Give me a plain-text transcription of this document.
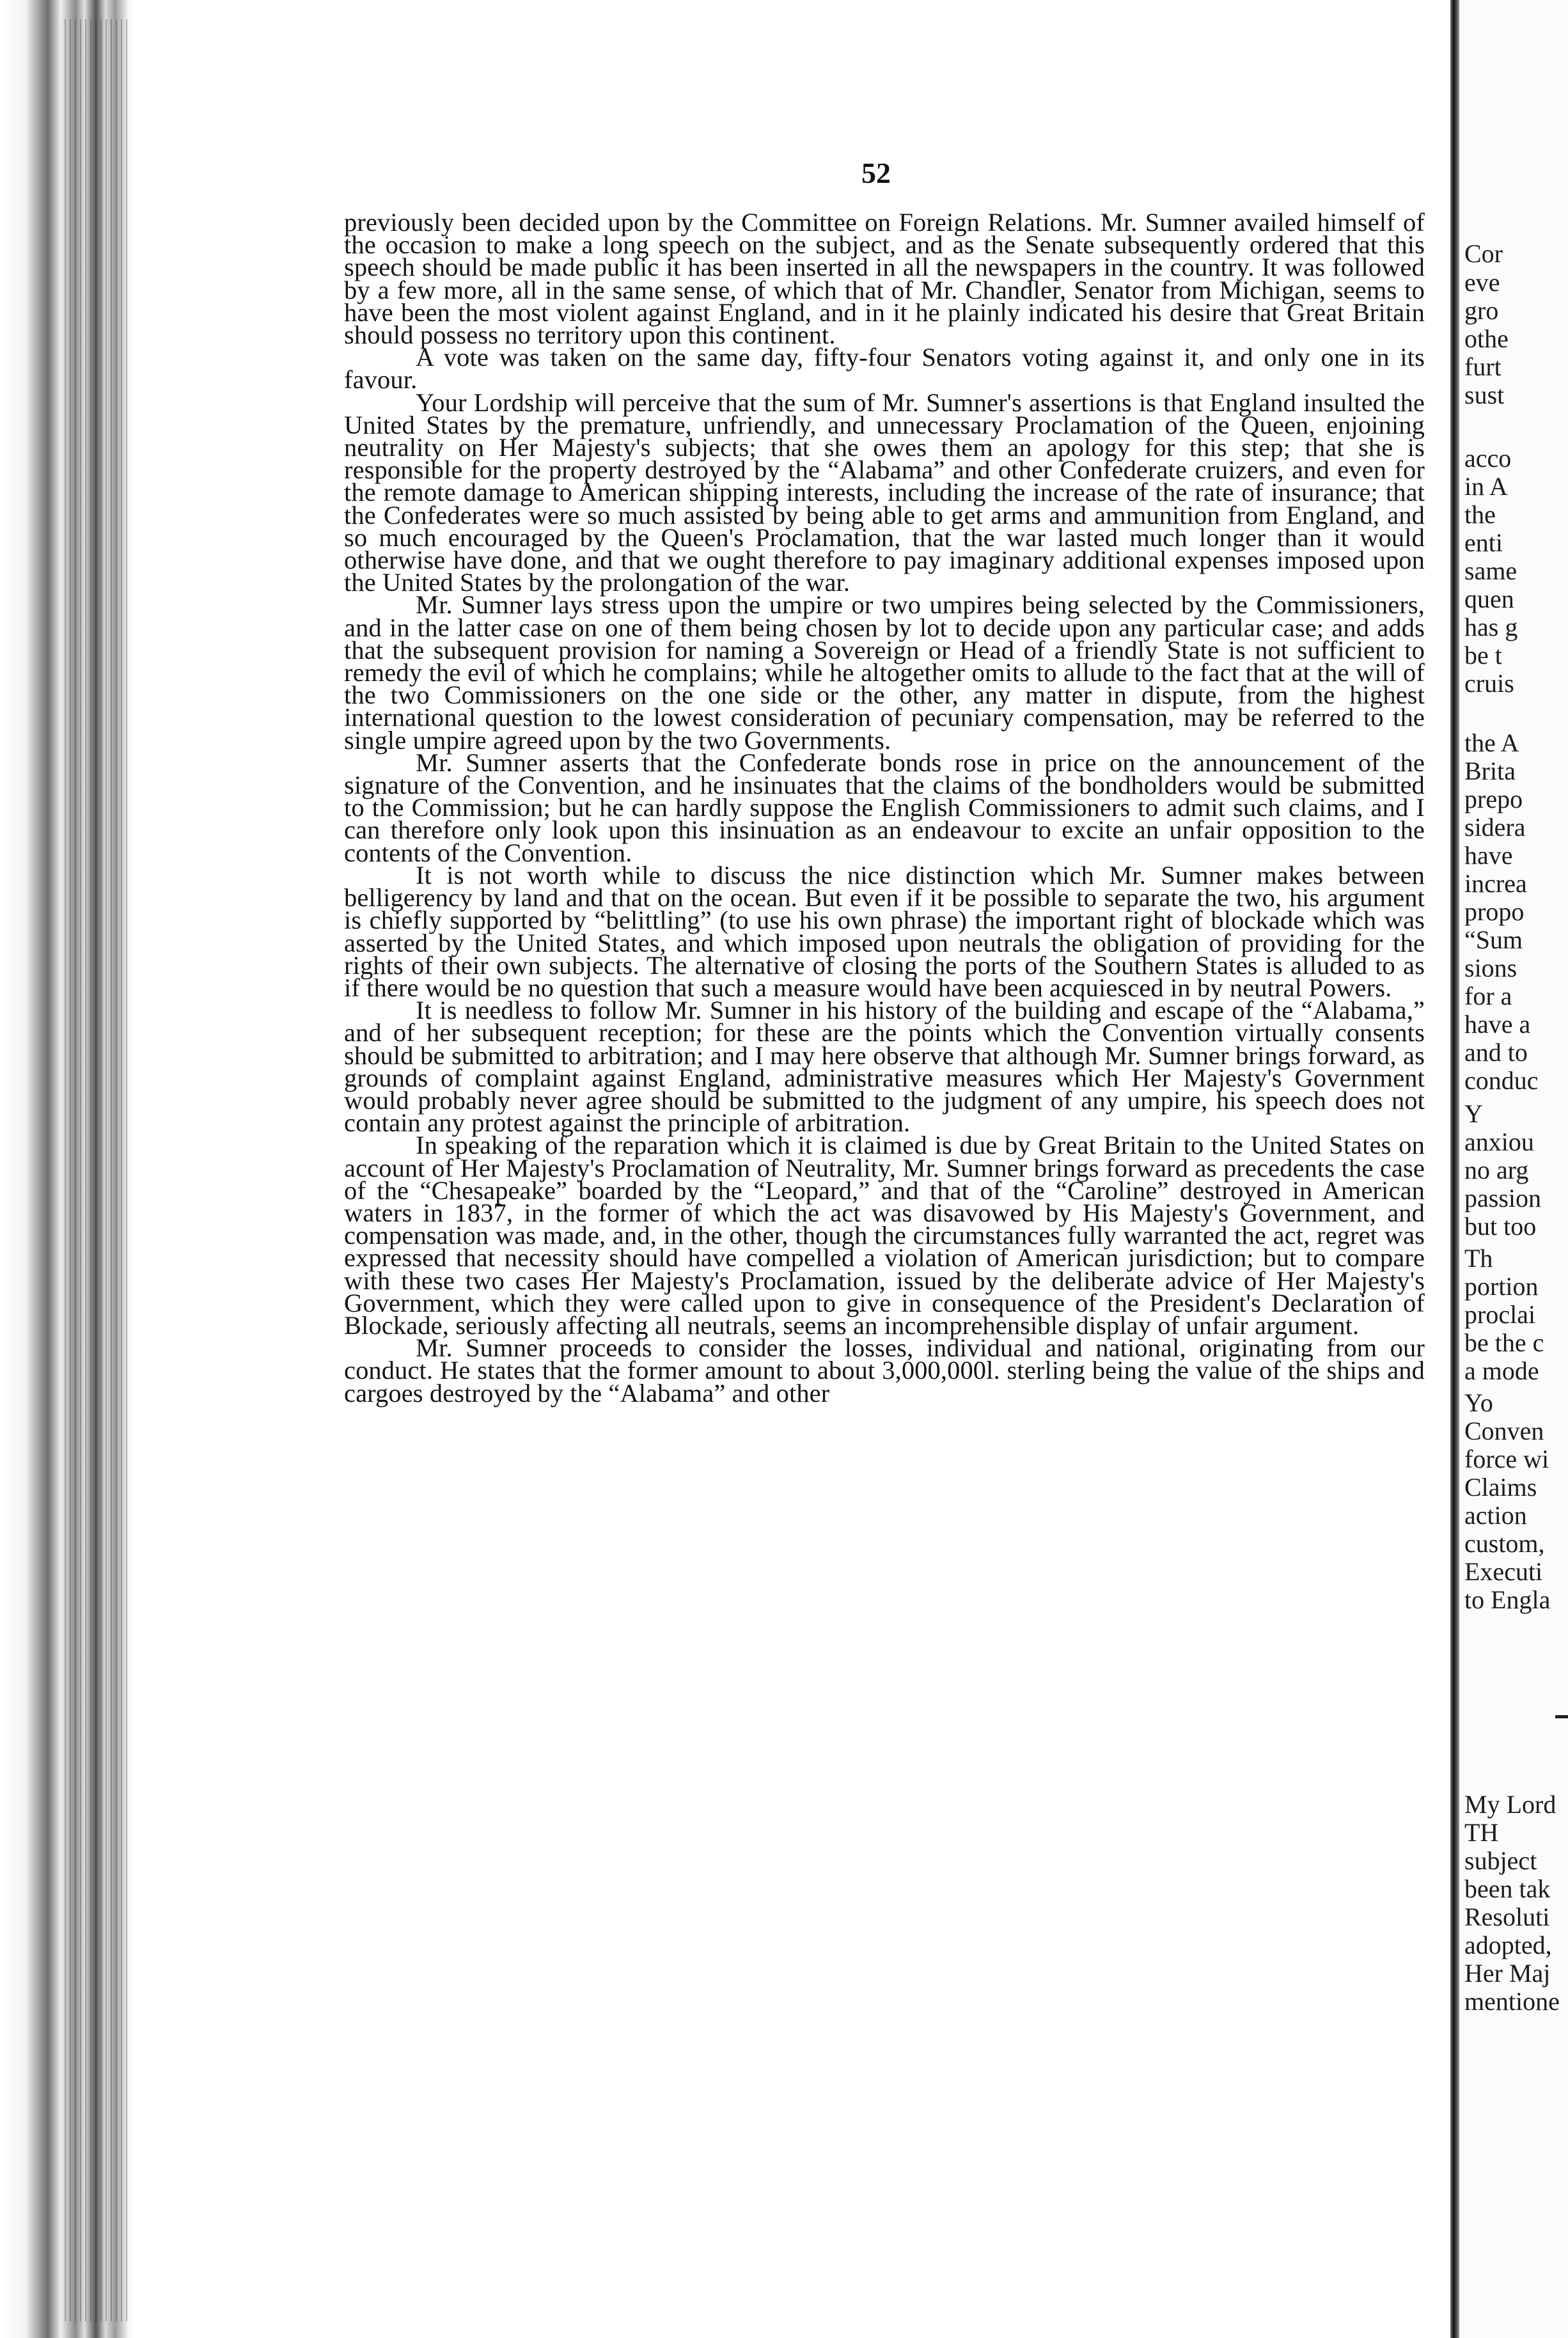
52

previously been decided upon by the Committee on Foreign Relations. Mr. Sumner availed himself of the occasion to make a long speech on the subject, and as the Senate subsequently ordered that this speech should be made public it has been inserted in all the newspapers in the country. It was followed by a few more, all in the same sense, of which that of Mr. Chandler, Senator from Michigan, seems to have been the most violent against England, and in it he plainly indicated his desire that Great Britain should possess no territory upon this continent.

A vote was taken on the same day, fifty-four Senators voting against it, and only one in its favour.

Your Lordship will perceive that the sum of Mr. Sumner's assertions is that England insulted the United States by the premature, unfriendly, and unnecessary Proclamation of the Queen, enjoining neutrality on Her Majesty's subjects; that she owes them an apology for this step; that she is responsible for the property destroyed by the “Alabama” and other Confederate cruizers, and even for the remote damage to American shipping interests, including the increase of the rate of insurance; that the Confederates were so much assisted by being able to get arms and ammunition from England, and so much encouraged by the Queen's Proclamation, that the war lasted much longer than it would otherwise have done, and that we ought therefore to pay imaginary additional expenses imposed upon the United States by the prolongation of the war.

Mr. Sumner lays stress upon the umpire or two umpires being selected by the Commissioners, and in the latter case on one of them being chosen by lot to decide upon any particular case; and adds that the subsequent provision for naming a Sovereign or Head of a friendly State is not sufficient to remedy the evil of which he complains; while he altogether omits to allude to the fact that at the will of the two Commissioners on the one side or the other, any matter in dispute, from the highest international question to the lowest consideration of pecuniary compensation, may be referred to the single umpire agreed upon by the two Governments.

Mr. Sumner asserts that the Confederate bonds rose in price on the announcement of the signature of the Convention, and he insinuates that the claims of the bondholders would be submitted to the Commission; but he can hardly suppose the English Commissioners to admit such claims, and I can therefore only look upon this insinuation as an endeavour to excite an unfair opposition to the contents of the Convention.

It is not worth while to discuss the nice distinction which Mr. Sumner makes between belligerency by land and that on the ocean. But even if it be possible to separate the two, his argument is chiefly supported by “belittling” (to use his own phrase) the important right of blockade which was asserted by the United States, and which imposed upon neutrals the obligation of providing for the rights of their own subjects. The alternative of closing the ports of the Southern States is alluded to as if there would be no question that such a measure would have been acquiesced in by neutral Powers.

It is needless to follow Mr. Sumner in his history of the building and escape of the “Alabama,” and of her subsequent reception; for these are the points which the Convention virtually consents should be submitted to arbitration; and I may here observe that although Mr. Sumner brings forward, as grounds of complaint against England, administrative measures which Her Majesty's Government would probably never agree should be submitted to the judgment of any umpire, his speech does not contain any protest against the principle of arbitration.

In speaking of the reparation which it is claimed is due by Great Britain to the United States on account of Her Majesty's Proclamation of Neutrality, Mr. Sumner brings forward as precedents the case of the “Chesapeake” boarded by the “Leopard,” and that of the “Caroline” destroyed in American waters in 1837, in the former of which the act was disavowed by His Majesty's Government, and compensation was made, and, in the other, though the circumstances fully warranted the act, regret was expressed that necessity should have compelled a violation of American jurisdiction; but to compare with these two cases Her Majesty's Proclamation, issued by the deliberate advice of Her Majesty's Government, which they were called upon to give in consequence of the President's Declaration of Blockade, seriously affecting all neutrals, seems an incomprehensible display of unfair argument.

Mr. Sumner proceeds to consider the losses, individual and national, originating from our conduct. He states that the former amount to about 3,000,000l. sterling being the value of the ships and cargoes destroyed by the “Alabama” and other

Cor
eve
gro
othe
furt
sust
acco
in A
the
enti
same
quen
has g
be t
cruis
the A
Brita
prepo
sidera
have
increa
propo
“Sum
sions
for a
have a
and to
conduc
Y
anxiou
no arg
passion
but too
Th
portion
proclai
be the c
a mode
Yo
Conven
force wi
Claims
action
custom,
Executi
to Engla
My Lord
TH
subject
been tak
Resoluti
adopted,
Her Maj
mentione
